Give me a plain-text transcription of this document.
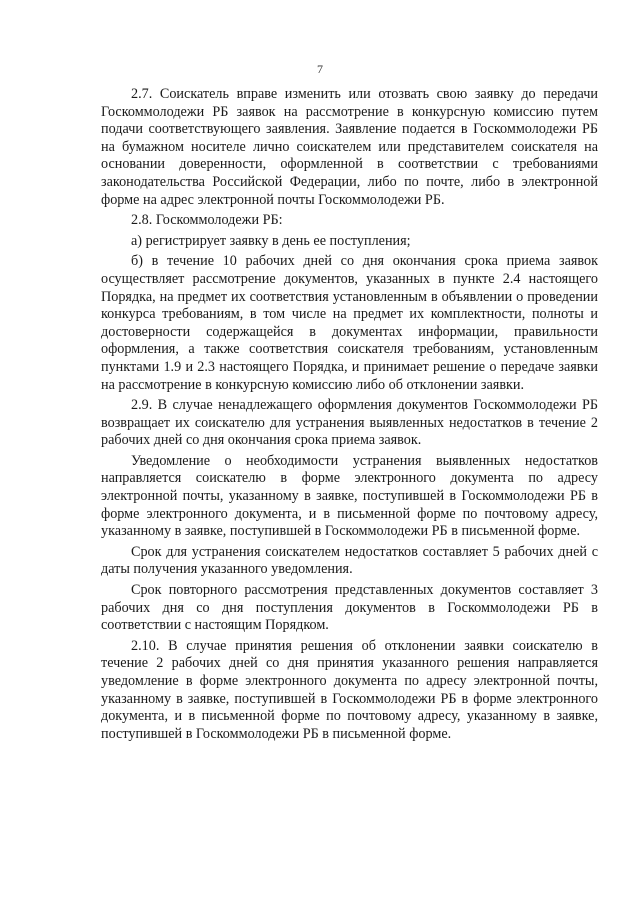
7

2.7. Соискатель вправе изменить или отозвать свою заявку до передачи Госкоммолодежи РБ заявок на рассмотрение в конкурсную комиссию путем подачи соответствующего заявления. Заявление подается в Госкоммолодежи РБ на бумажном носителе лично соискателем или представителем соискателя на основании доверенности, оформленной в соответствии с требованиями законодательства Российской Федерации, либо по почте, либо в электронной форме на адрес электронной почты Госкоммолодежи РБ.

2.8. Госкоммолодежи РБ:

а) регистрирует заявку в день ее поступления;

б) в течение 10 рабочих дней со дня окончания срока приема заявок осуществляет рассмотрение документов, указанных в пункте 2.4 настоящего Порядка, на предмет их соответствия установленным в объявлении о проведении конкурса требованиям, в том числе на предмет их комплектности, полноты и достоверности содержащейся в документах информации, правильности оформления, а также соответствия соискателя требованиям, установленным пунктами 1.9 и 2.3 настоящего Порядка, и принимает решение о передаче заявки на рассмотрение в конкурсную комиссию либо об отклонении заявки.

2.9. В случае ненадлежащего оформления документов Госкоммолодежи РБ возвращает их соискателю для устранения выявленных недостатков в течение 2 рабочих дней со дня окончания срока приема заявок.

Уведомление о необходимости устранения выявленных недостатков направляется соискателю в форме электронного документа по адресу электронной почты, указанному в заявке, поступившей в Госкоммолодежи РБ в форме электронного документа, и в письменной форме по почтовому адресу, указанному в заявке, поступившей в Госкоммолодежи РБ в письменной форме.

Срок для устранения соискателем недостатков составляет 5 рабочих дней с даты получения указанного уведомления.

Срок повторного рассмотрения представленных документов составляет 3 рабочих дня со дня поступления документов в Госкоммолодежи РБ в соответствии с настоящим Порядком.

2.10. В случае принятия решения об отклонении заявки соискателю в течение 2 рабочих дней со дня принятия указанного решения направляется уведомление в форме электронного документа по адресу электронной почты, указанному в заявке, поступившей в Госкоммолодежи РБ в форме электронного документа, и в письменной форме по почтовому адресу, указанному в заявке, поступившей в Госкоммолодежи РБ в письменной форме.
